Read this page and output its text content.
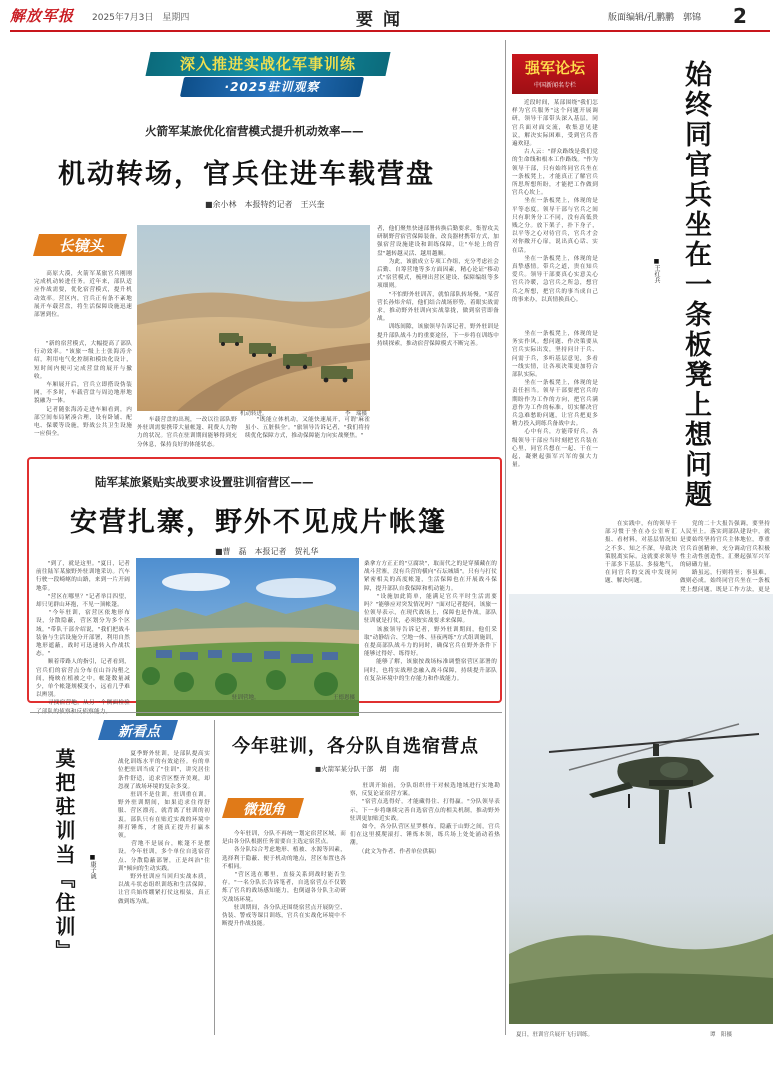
解放军报 2025年7月3日　星期四	要闻	版面编辑/孔鹏鹏　郭锦 2
深入推进实战化军事训练
·2025驻训观察
火箭军某旅优化宿营模式提升机动效率——
机动转场，官兵住进车载营盘
■余小林　本报特约记者　王兴奎
长镜头
　　高原大漠，火箭军某旅官兵刚刚完成机动转进任务。近年来，部队适应作战需要，优化宿营模式，提升机动效率。营区内，官兵正有条不紊地展开车载营盘，将生活保障设施迅速部署到位。
　　"新的宿营模式，大幅提高了部队行动效率。"该旅一级上士张海涛介绍，利用电气化控制和模块化设计，短时间内便可完成营盘的展开与撤收。
　　车厢展开后，官兵立即搭设伪装网，不多时，车载营盘与周边地形地貌融为一体。
　　记者随张海涛走进车厢看到，内部空间布局紧凑合理，设有卧铺、配电、保暖等设施，野战公共卫生设施一应俱全。
机动转进。	李　瑞摄
　　车载营盘的出现，一改以往部队野外驻训需要携带大量帐篷、耗费人力物力的状况。官兵在驻训期间能够得到充分休息，保持良好的体能状态。
　　"既能立体机动，又能快速展开，可谓'麻雀虽小、五脏俱全'。"旅领导告诉记者，"我们将持续优化保障方式，推动保障能力向实战聚焦。"
者，他们聚焦快速部署转换后勤要求，集智攻关研制野营宿营保障装备，改良器材携带方式，加强宿营设施建设和训练保障，让"车轮上的营盘"越转越灵活、越用越顺。
　　为此，该旅成立专项工作组，充分考虑社会后勤、自筹营地等多方面因素，精心论证"移动式"宿营模式，梳理出营区建设、保障编组等多项细则。
　　"不怕野外驻训苦，就怕部队转场慢。"某营营长孙炜介绍，他们结合战场形势，着眼实战需求，推动野外驻训向实战靠拢，做到宿营即备战。
　　训练间隙，该旅领导告诉记者，野外驻训是提升部队战斗力的重要途径，下一步将在训练中持续探索，推动宿营保障模式不断完善。
陆军某旅紧贴实战要求设置驻训宿营区——
安营扎寨，野外不见成片帐篷
■曹　磊　本报记者　贺礼华
　　"到了，就是这里。"夏日，记者前往陆军某旅野外驻训地采访。汽车行驶一段崎岖的山路，来到一片开阔地带。
　　"营区在哪里？"记者举目四望，却只见群山环抱，不见一顶帐篷。
　　"今年驻训，宿营区依地形布设，分散隐蔽，营区划分为多个区域。"带队干部介绍说，"我们把战斗装备与生活设施分开部署，利用自然地形遮蔽，战时可迅速转入作战状态。"
　　顺着带路人的指引，记者看到，官兵们的宿营点分布在山谷沟壑之间，掩映在植被之中。帐篷数量减少，单个帐篷规模变小，远看几乎难以辨别。
　　寻找宿营地，从另一个侧面检验
驻训营地。	王德恩摄
桑拿方方正正的"豆腐块"，取而代之的是穿插藏在的战斗营寨，没有兵营的横向"石坛城墙"。只有与打仗紧密相关的高度帐篷，生活保障也在开展战斗保障，提升部队自我保障和机动能力。
　　"设施加此简单，能满足官兵平时生活需要吗？"能够应对突发情况吗？"面对记者提问，该旅一位领导表示，在现代战场上，保障也是作战，部队驻训就是打仗，必须按实战要求来保障。
　　该旅领导告诉记者，野外驻训期间，他们采取"动静结合、空地一体、昼夜两练"方式组训施训，在提高部队战斗力的同时，确保官兵在野外条件下能够过得好、练得好。
　　能够了解，该旅按战场标准调整宿营区部署的同时，也将实战理念融入战斗保障，持续提升部队在复杂环境中的生存能力和作战能力。
新看点
莫把驻训当『住训』	■康子诚
　　夏季野外驻训，是部队提高实战化训练水平的有效途径。有的单位把驻训当成了"住训"，讲究居住条件舒适，追求营区整齐美观，却忽视了战场环境的复杂多变。
　　驻训不是住训，驻训重在训。野外驻训期间，如果追求住得舒服、营区漂亮，就背离了驻训的初衷。部队只有在贴近实战的环境中摔打锤炼，才能真正提升打赢本领。
　　营地不是展台，帐篷不是摆设。今年驻训，多个单位自选宿营点、分散隐蔽部署，正是纠治"住训"倾向的生动实践。
　　野外驻训应当回归实战本质，以战斗状态组织训练和生活保障，让官兵始终绷紧打仗这根弦，真正做到练为战。
今年驻训，各分队自选宿营点
■火箭军某分队干部　胡　南
微视角
　　今年驻训，分队不再统一划定宿营区域，而是由各分队根据任务需要自主选定宿营点。
　　各分队综合考虑地形、植被、水源等因素，选择利于隐蔽、便于机动的地点，营区布置也各不相同。
　　"营区选在哪里，直接关系到战时能否生存。"一名分队长告诉笔者，自选宿营点不仅锻炼了官兵的战场感知能力，也倒逼各分队主动研究战场环境。
　　驻训期间，各分队还围绕宿营点开展防空、伪装、警戒等课目训练，官兵在实战化环境中不断提升作战技能。
　　驻训开始前，分队组织骨干对候选地域进行实地勘察，反复论证宿营方案。
　　"宿营点选得好，才能藏得住、打得赢。"分队领导表示，下一步将继续完善自选宿营点的相关机制，推动野外驻训更加贴近实战。
　　如今，各分队营区星罗棋布，隐蔽于山野之间，官兵们在这里摸爬滚打、锤炼本领，练兵场上处处涌动着热潮。
　　（此文为作者、作者单位供稿）
强军论坛
中国新闻名专栏
　　近段时间，某部围绕"我们怎样为官兵服务"这个问题开展调研，领导干部带头深入基层，同官兵面对面交流，收集意见建议，解决实际困难，受到官兵普遍欢迎。
　　古人云："群众路线是我们党的生命线和根本工作路线。"作为领导干部，只有始终同官兵坐在一条板凳上，才能真正了解官兵所思所想所盼，才能把工作做到官兵心坎上。
　　坐在一条板凳上，体现的是平等态度。领导干部与官兵之间只有职务分工不同，没有高低贵贱之分。放下架子，扑下身子，以平等之心对待官兵，官兵才会对你敞开心扉，说出真心话、实在话。
　　坐在一条板凳上，体现的是真挚感情。带兵之道，贵在知兵爱兵。领导干部要真心实意关心官兵冷暖，急官兵之所急，想官兵之所想，把官兵的事当成自己的事来办，以真情换真心。
　　坐在一条板凳上，体现的是务实作风。想问题、作决策要从官兵实际出发，坚持问计于兵、问需于兵，多听基层意见，多看一线实情，让各项决策更加符合部队实际。
　　坐在一条板凳上，体现的是责任担当。领导干部要把官兵的期盼作为工作的方向，把官兵满意作为工作的标准，切实解决官兵急难愁盼问题，让官兵把更多精力投入到练兵备战中去。
　　心中有兵，方能带好兵。各级领导干部应当时刻把官兵装在心里，同官兵想在一起、干在一起，凝聚起强军兴军的强大力量。	始终同官兵坐在一条板凳上想问题
■王红兵
　　在实践中，有的领导干部习惯于坐在办公室听汇报、看材料，对基层情况知之不多、知之不深，导致决策脱离实际。这就要求领导干部多下基层、多接地气，在同官兵的交流中发现问题、解决问题。
　　党的二十大报告强调，要坚持人民至上。落实到部队建设中，就是要始终坚持官兵主体地位，尊重官兵首创精神，充分调动官兵积极性主动性创造性，汇聚起强军兴军的磅礴力量。
　　路虽远，行则将至；事虽难，做则必成。始终同官兵坐在一条板凳上想问题，既是工作方法，更是
夏日，驻训官兵展开飞行训练。	谭　阳摄
